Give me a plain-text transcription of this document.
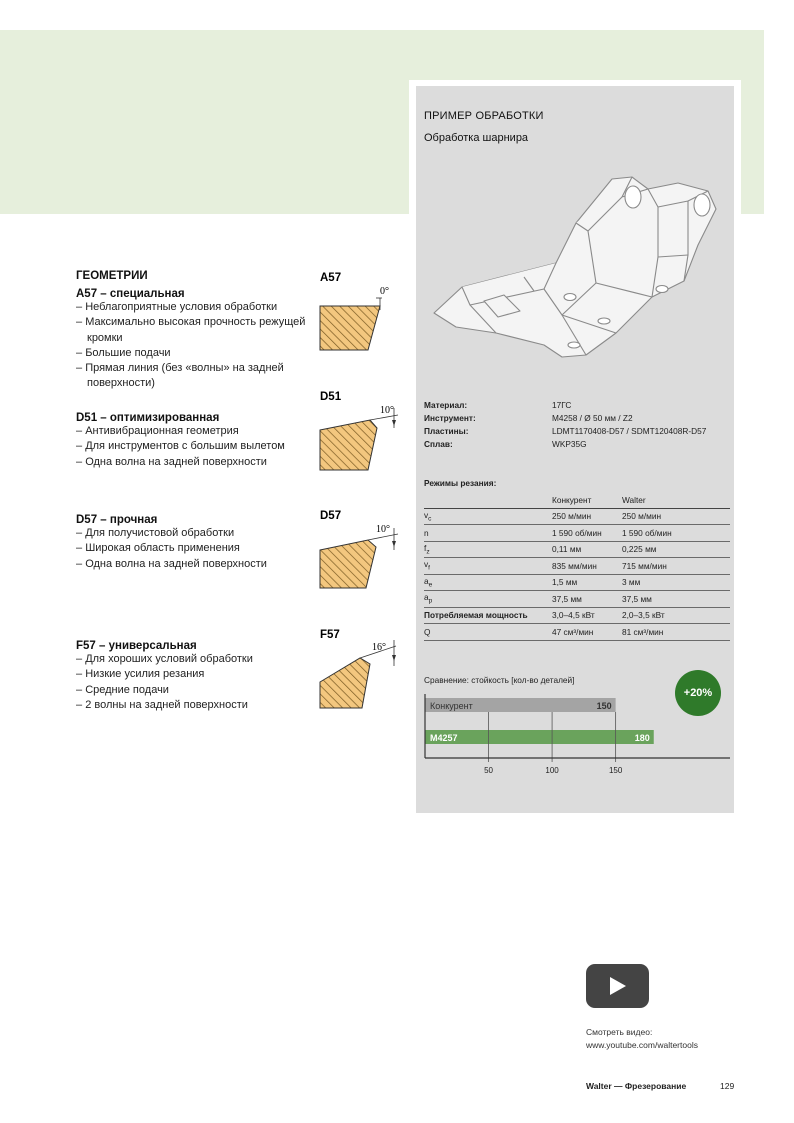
ГЕОМЕТРИИ
A57 – специальная
– Неблагоприятные условия обработки
– Максимально высокая прочность режущей кромки
– Большие подачи
– Прямая линия (без «волны» на задней поверхности)
D51 – оптимизированная
– Антивибрационная геометрия
– Для инструментов с большим вылетом
– Одна волна на задней поверхности
D57 – прочная
– Для получистовой обработки
– Широкая область применения
– Одна волна на задней поверхности
F57 – универсальная
– Для хороших условий обработки
– Низкие усилия резания
– Средние подачи
– 2 волны на задней поверхности
A57
0°
D51
10°
D57
10°
F57
16°
ПРИМЕР ОБРАБОТКИ
Обработка шарнира
Материал:	17ГС
Инструмент:	M4258 / Ø 50 мм / Z2
Пластины:	LDMT1170408-D57 / SDMT120408R-D57
Сплав:	WKP35G
Режимы резания:
	Конкурент	Walter
$v_c$	250 м/мин	250 м/мин
n	1 590 об/мин	1 590 об/мин
$f_z$	0,11 мм	0,225 мм
$v_f$	835 мм/мин	715 мм/мин
$a_e$	1,5 мм	3 мм
$a_p$	37,5 мм	37,5 мм
Потребляемая мощность	3,0–4,5 кВт	2,0–3,5 кВт
Q	47 см³/мин	81 см³/мин
Сравнение: стойкость [кол-во деталей]
+20%
50	100	150
Конкурент
M4257
150
180
Смотреть видео:
www.youtube.com/waltertools
Walter — Фрезерование	129
